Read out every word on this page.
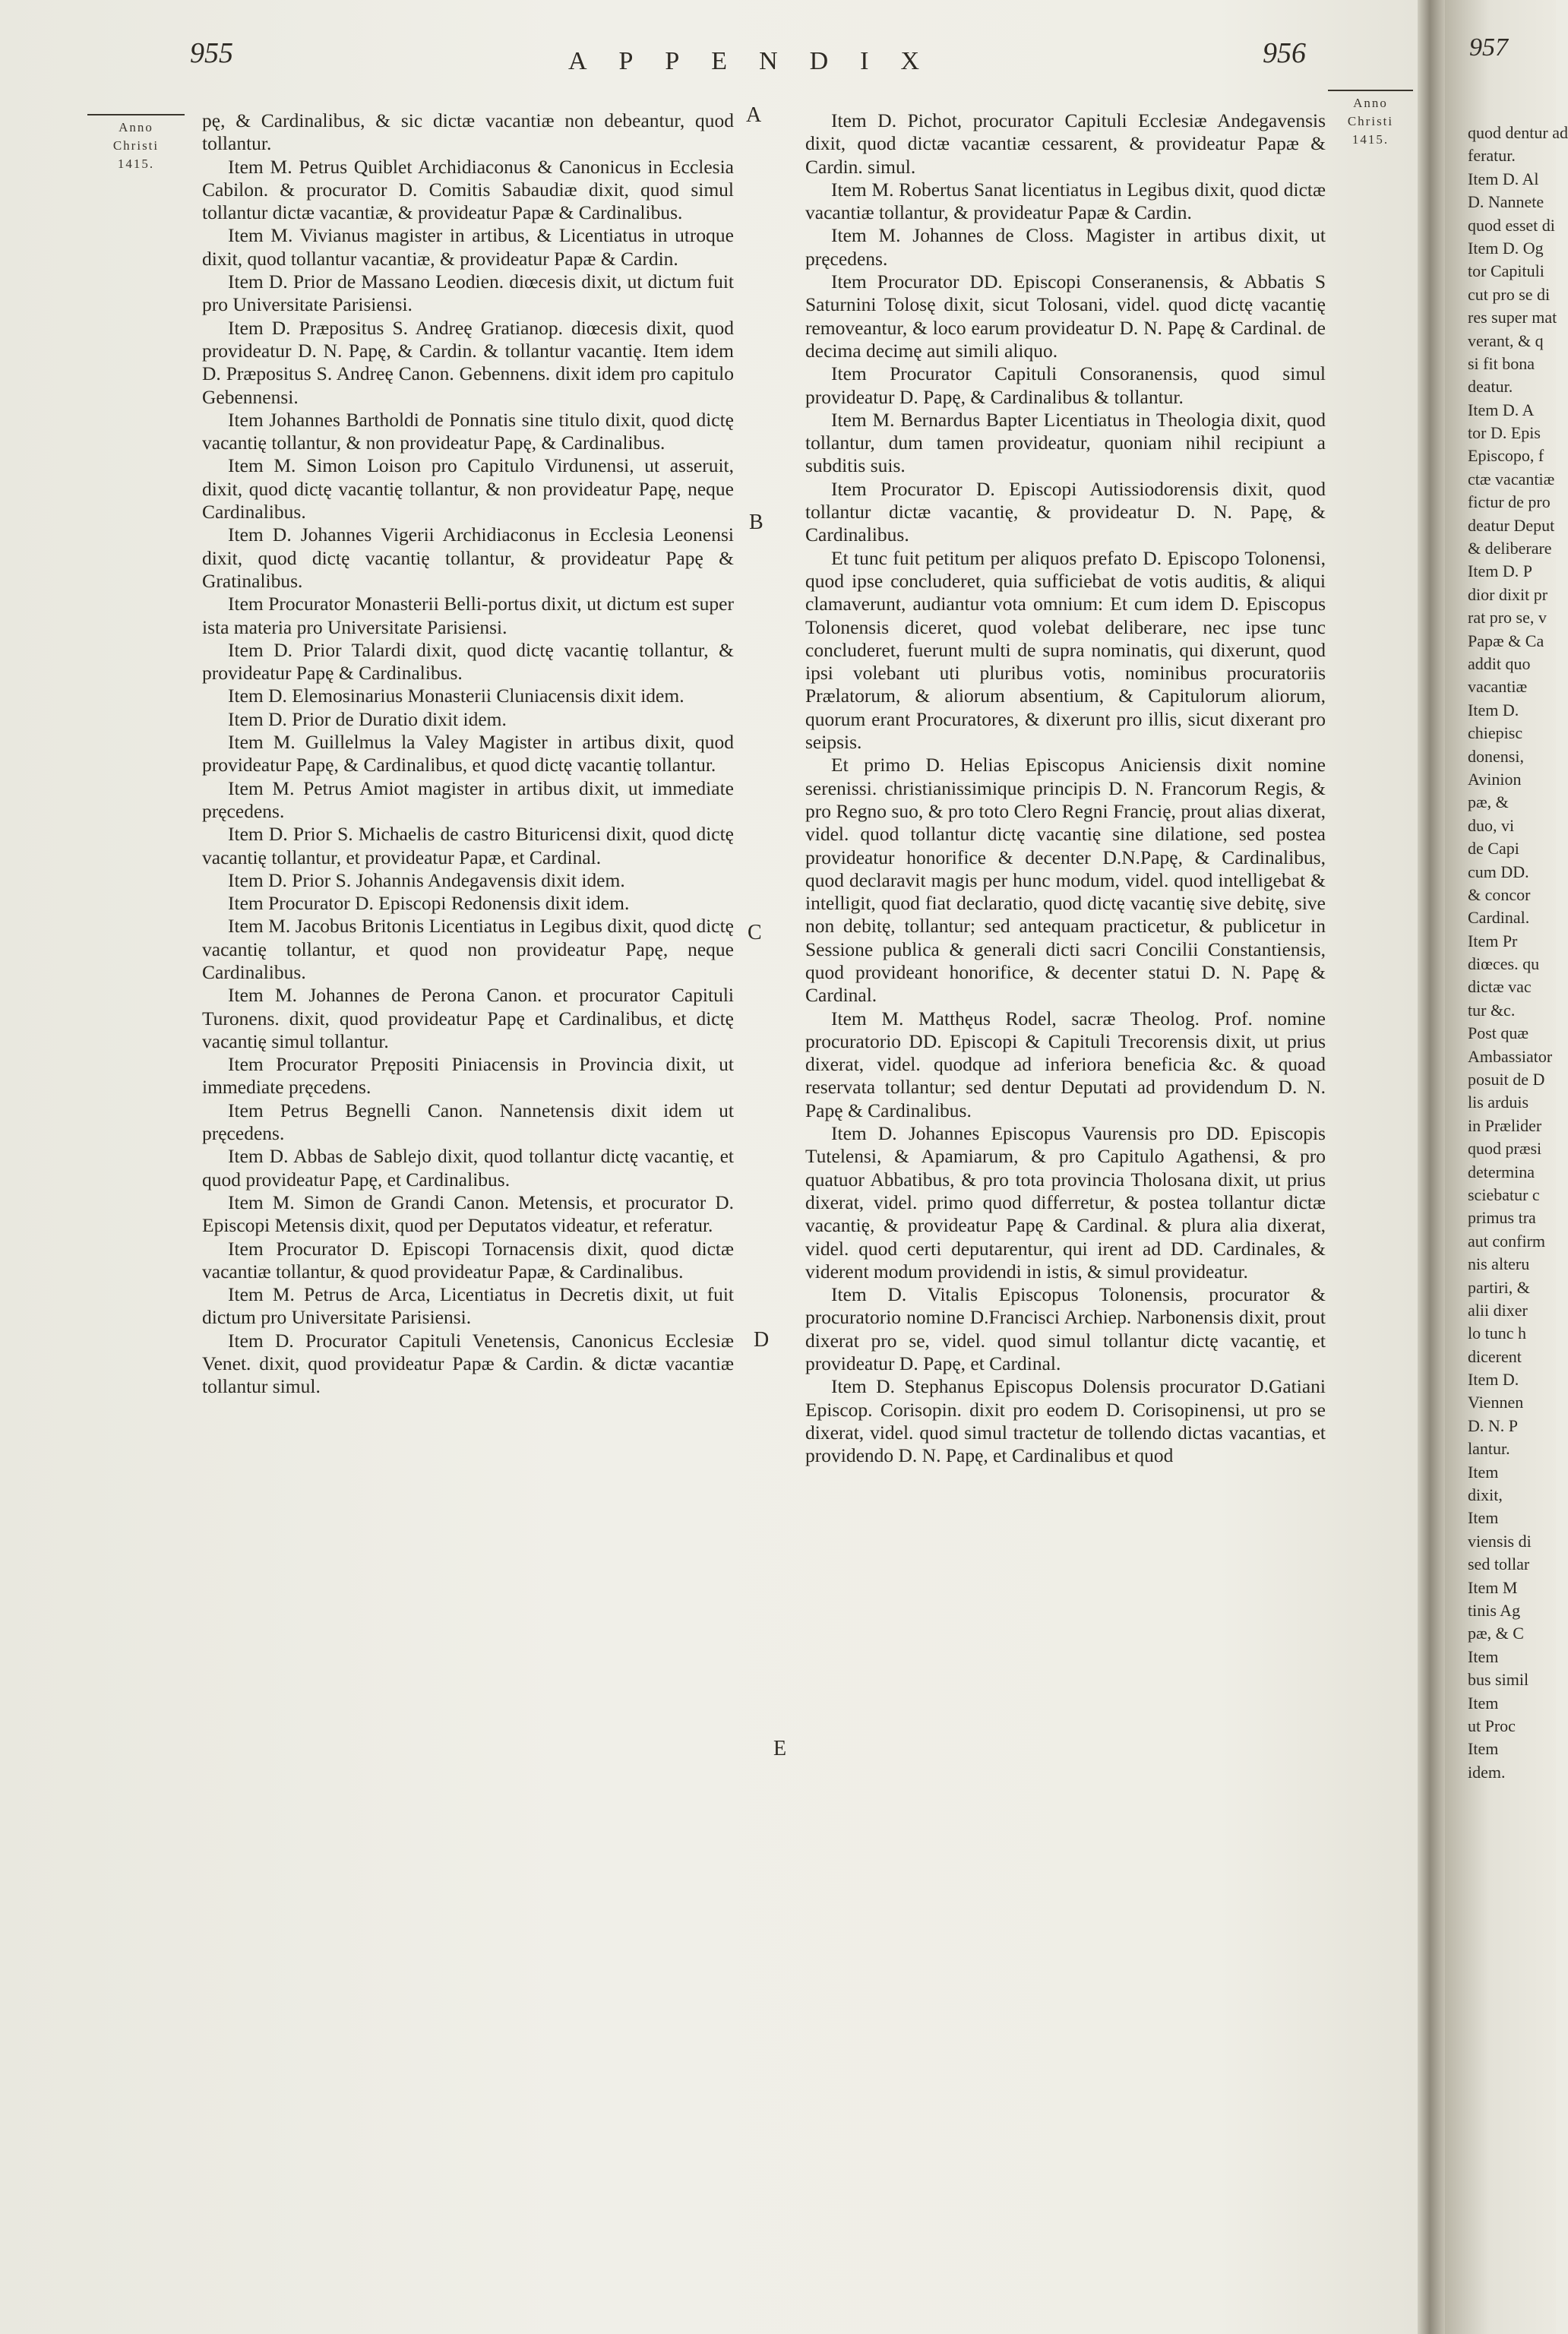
955	APPENDIX	956
Anno
Christi
1415.
Anno
Christi
1415.
A
B
C
D
E

pę, & Cardinalibus, & sic dictæ vacantiæ non debeantur, quod tollantur.

Item M. Petrus Quiblet Archidiaconus & Canonicus in Ecclesia Cabilon. & procurator D. Comitis Sabaudiæ dixit, quod simul tollantur dictæ vacantiæ, & provideatur Papæ & Cardinalibus.

Item M. Vivianus magister in artibus, & Licentiatus in utroque dixit, quod tollantur vacantiæ, & provideatur Papæ & Cardin.

Item D. Prior de Massano Leodien. diœcesis dixit, ut dictum fuit pro Universitate Parisiensi.

Item D. Præpositus S. Andreę Gratianop. diœcesis dixit, quod provideatur D. N. Papę, & Cardin. & tollantur vacantię. Item idem D. Præpositus S. Andreę Canon. Gebennens. dixit idem pro capitulo Gebennensi.

Item Johannes Bartholdi de Ponnatis sine titulo dixit, quod dictę vacantię tollantur, & non provideatur Papę, & Cardinalibus.

Item M. Simon Loison pro Capitulo Virdunensi, ut asseruit, dixit, quod dictę vacantię tollantur, & non provideatur Papę, neque Cardinalibus.

Item D. Johannes Vigerii Archidiaconus in Ecclesia Leonensi dixit, quod dictę vacantię tollantur, & provideatur Papę & Gratinalibus.

Item Procurator Monasterii Belli-portus dixit, ut dictum est super ista materia pro Universitate Parisiensi.

Item D. Prior Talardi dixit, quod dictę vacantię tollantur, & provideatur Papę & Cardinalibus.

Item D. Elemosinarius Monasterii Cluniacensis dixit idem.

Item D. Prior de Duratio dixit idem.

Item M. Guillelmus la Valey Magister in artibus dixit, quod provideatur Papę, & Cardinalibus, et quod dictę vacantię tollantur.

Item M. Petrus Amiot magister in artibus dixit, ut immediate pręcedens.

Item D. Prior S. Michaelis de castro Bituricensi dixit, quod dictę vacantię tollantur, et provideatur Papæ, et Cardinal.

Item D. Prior S. Johannis Andegavensis dixit idem.

Item Procurator D. Episcopi Redonensis dixit idem.

Item M. Jacobus Britonis Licentiatus in Legibus dixit, quod dictę vacantię tollantur, et quod non provideatur Papę, neque Cardinalibus.

Item M. Johannes de Perona Canon. et procurator Capituli Turonens. dixit, quod provideatur Papę et Cardinalibus, et dictę vacantię simul tollantur.

Item Procurator Prępositi Piniacensis in Provincia dixit, ut immediate pręcedens.

Item Petrus Begnelli Canon. Nannetensis dixit idem ut pręcedens.

Item D. Abbas de Sablejo dixit, quod tollantur dictę vacantię, et quod provideatur Papę, et Cardinalibus.

Item M. Simon de Grandi Canon. Metensis, et procurator D. Episcopi Metensis dixit, quod per Deputatos videatur, et referatur.

Item Procurator D. Episcopi Tornacensis dixit, quod dictæ vacantiæ tollantur, & quod provideatur Papæ, & Cardinalibus.

Item M. Petrus de Arca, Licentiatus in Decretis dixit, ut fuit dictum pro Universitate Parisiensi.

Item D. Procurator Capituli Venetensis, Canonicus Ecclesiæ Venet. dixit, quod provideatur Papæ & Cardin. & dictæ vacantiæ tollantur simul.

Item D. Pichot, procurator Capituli Ecclesiæ Andegavensis dixit, quod dictæ vacantiæ cessarent, & provideatur Papæ & Cardin. simul.

Item M. Robertus Sanat licentiatus in Legibus dixit, quod dictæ vacantiæ tollantur, & provideatur Papæ & Cardin.

Item M. Johannes de Closs. Magister in artibus dixit, ut pręcedens.

Item Procurator DD. Episcopi Conseranensis, & Abbatis S Saturnini Tolosę dixit, sicut Tolosani, videl. quod dictę vacantię removeantur, & loco earum provideatur D. N. Papę & Cardinal. de decima decimę aut simili aliquo.

Item Procurator Capituli Consoranensis, quod simul provideatur D. Papę, & Cardinalibus & tollantur.

Item M. Bernardus Bapter Licentiatus in Theologia dixit, quod tollantur, dum tamen provideatur, quoniam nihil recipiunt a subditis suis.

Item Procurator D. Episcopi Autissiodorensis dixit, quod tollantur dictæ vacantię, & provideatur D. N. Papę, & Cardinalibus.

Et tunc fuit petitum per aliquos prefato D. Episcopo Tolonensi, quod ipse concluderet, quia sufficiebat de votis auditis, & aliqui clamaverunt, audiantur vota omnium: Et cum idem D. Episcopus Tolonensis diceret, quod volebat deliberare, nec ipse tunc concluderet, fuerunt multi de supra nominatis, qui dixerunt, quod ipsi volebant uti pluribus votis, nominibus procuratoriis Prælatorum, & aliorum absentium, & Capitulorum aliorum, quorum erant Procuratores, & dixerunt pro illis, sicut dixerant pro seipsis.

Et primo D. Helias Episcopus Aniciensis dixit nomine serenissi. christianissimique principis D. N. Francorum Regis, & pro Regno suo, & pro toto Clero Regni Francię, prout alias dixerat, videl. quod tollantur dictę vacantię sine dilatione, sed postea provideatur honorifice & decenter D.N.Papę, & Cardinalibus, quod declaravit magis per hunc modum, videl. quod intelligebat & intelligit, quod fiat declaratio, quod dictę vacantię sive debitę, sive non debitę, tollantur; sed antequam practicetur, & publicetur in Sessione publica & generali dicti sacri Concilii Constantiensis, quod provideant honorifice, & decenter statui D. N. Papę & Cardinal.

Item M. Matthęus Rodel, sacræ Theolog. Prof. nomine procuratorio DD. Episcopi & Capituli Trecorensis dixit, ut prius dixerat, videl. quodque ad inferiora beneficia &c. & quoad reservata tollantur; sed dentur Deputati ad providendum D. N. Papę & Cardinalibus.

Item D. Johannes Episcopus Vaurensis pro DD. Episcopis Tutelensi, & Apamiarum, & pro Capitulo Agathensi, & pro quatuor Abbatibus, & pro tota provincia Tholosana dixit, ut prius dixerat, videl. primo quod differretur, & postea tollantur dictæ vacantię, & provideatur Papę & Cardinal. & plura alia dixerat, videl. quod certi deputarentur, qui irent ad DD. Cardinales, & viderent modum providendi in istis, & simul provideatur.

Item D. Vitalis Episcopus Tolonensis, procurator & procuratorio nomine D.Francisci Archiep. Narbonensis dixit, prout dixerat pro se, videl. quod simul tollantur dictę vacantię, et provideatur D. Papę, et Cardinal.

Item D. Stephanus Episcopus Dolensis procurator D.Gatiani Episcop. Corisopin. dixit pro eodem D. Corisopinensi, ut pro se dixerat, videl. quod simul tractetur de tollendo dictas vacantias, et providendo D. N. Papę, et Cardinalibus et quod

957
quod dentur ad
feratur.
Item D. Al
D. Nannete
quod esset di
Item D. Og
tor Capituli
cut pro se di
res super mat
verant, & q
si fit bona
deatur.
Item D. A
tor D. Epis
Episcopo, f
ctæ vacantiæ
fictur de pro
deatur Deput
& deliberare
Item D. P
dior dixit pr
rat pro se, v
Papæ & Ca
addit quo
vacantiæ
Item D.
chiepisc
donensi,
Avinion
pæ, &
duo, vi
de Capi
cum DD.
& concor
Cardinal.
Item Pr
diœces. qu
dictæ vac
tur &c.
Post quæ
Ambassiator
posuit de D
lis arduis
in Prælider
quod præsi
determina
sciebatur c
primus tra
aut confirm
nis alteru
partiri, &
alii dixer
lo tunc h
dicerent
Item D.
Viennen
D. N. P
lantur.
Item
dixit,
Item
viensis di
sed tollar
Item M
tinis Ag
pæ, & C
Item
bus simil
Item
ut Proc
Item
idem.
